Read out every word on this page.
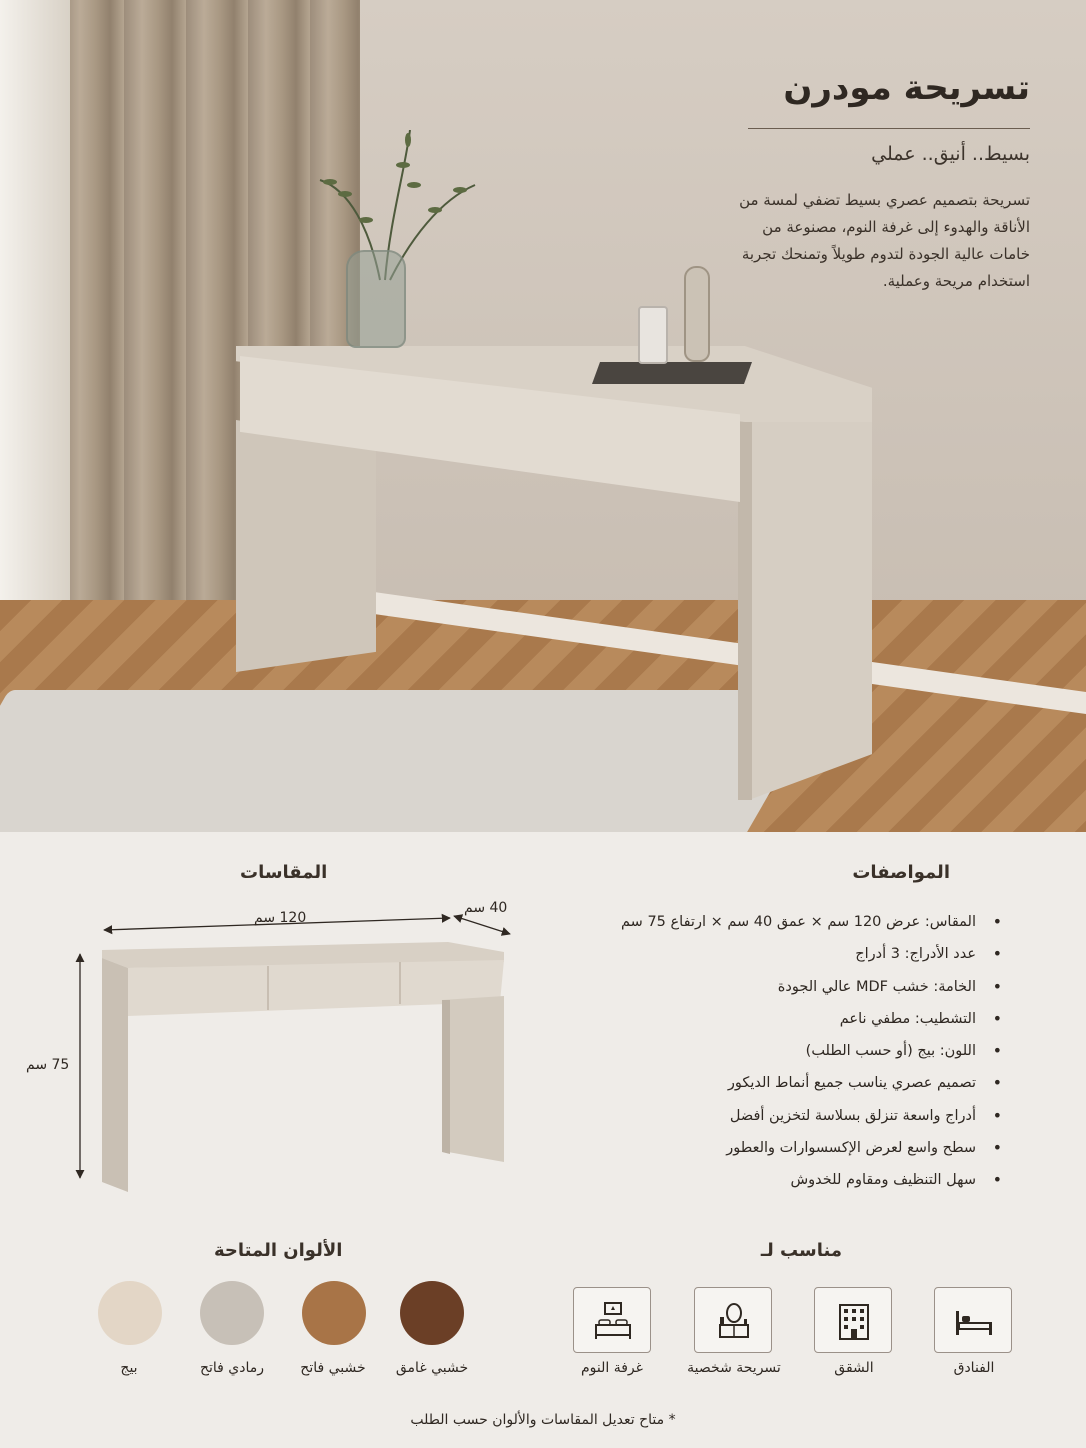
تسريحة مودرن
بسيط.. أنيق.. عملي
تسريحة بتصميم عصري بسيط تضفي لمسة من الأناقة والهدوء إلى غرفة النوم، مصنوعة من خامات عالية الجودة لتدوم طويلاً وتمنحك تجربة استخدام مريحة وعملية.
المواصفات
• المقاس: عرض 120 سم × عمق 40 سم × ارتفاع 75 سم
• عدد الأدراج: 3 أدراج
• الخامة: خشب MDF عالي الجودة
• التشطيب: مطفي ناعم
• اللون: بيج (أو حسب الطلب)
• تصميم عصري يناسب جميع أنماط الديكور
• أدراج واسعة تنزلق بسلاسة لتخزين أفضل
• سطح واسع لعرض الإكسسوارات والعطور
• سهل التنظيف ومقاوم للخدوش
المقاسات
120 سم
40 سم
75 سم
مناسب لـ
الفنادق
الشقق
تسريحة شخصية
غرفة النوم
الألوان المتاحة
خشبي غامق
خشبي فاتح
رمادي فاتح
بيج
* متاح تعديل المقاسات والألوان حسب الطلب
